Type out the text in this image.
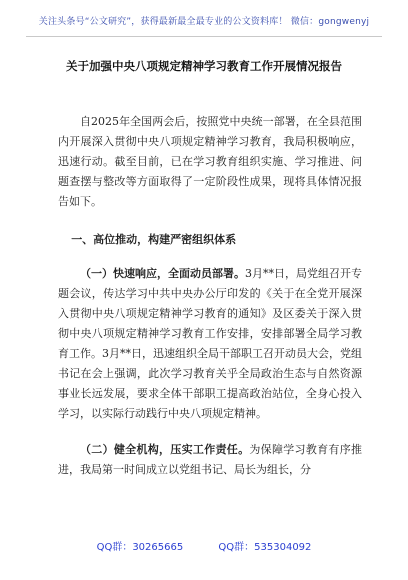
关注头条号“公文研究”，获得最新最全最专业的公文资料库！ 微信：gongwenyj
关于加强中央八项规定精神学习教育工作开展情况报告

自2025年全国两会后，按照党中央统一部署，在全县范围内开展深入贯彻中央八项规定精神学习教育，我局积极响应，迅速行动。截至目前，已在学习教育组织实施、学习推进、问题查摆与整改等方面取得了一定阶段性成果，现将具体情况报告如下。

一、高位推动，构建严密组织体系

（一）快速响应，全面动员部署。3月**日，局党组召开专题会议，传达学习中共中央办公厅印发的《关于在全党开展深入贯彻中央八项规定精神学习教育的通知》及区委关于深入贯彻中央八项规定精神学习教育工作安排，安排部署全局学习教育工作。3月**日，迅速组织全局干部职工召开动员大会，党组书记在会上强调，此次学习教育关乎全局政治生态与自然资源事业长远发展，要求全体干部职工提高政治站位，全身心投入学习，以实际行动践行中央八项规定精神。

（二）健全机构，压实工作责任。为保障学习教育有序推进，我局第一时间成立以党组书记、局长为组长，分

QQ群：30265665	QQ群：535304092
